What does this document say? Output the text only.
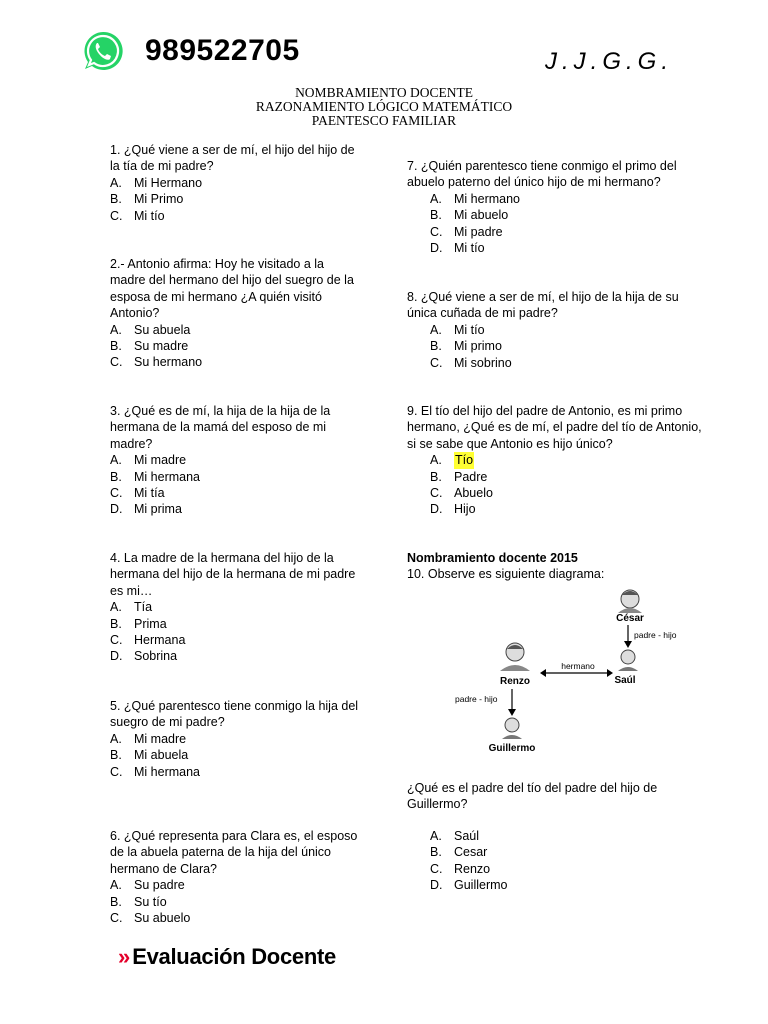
989522705	J.J.G.G.
NOMBRAMIENTO DOCENTE
RAZONAMIENTO LÓGICO MATEMÁTICO
PAENTESCO FAMILIAR

1. ¿Qué viene a ser de mí, el hijo del hijo de la tía de mi padre?

A. Mi Hermano
B. Mi Primo
C. Mi tío

2.- Antonio afirma: Hoy he visitado a la madre del hermano del hijo del suegro de la esposa de mi hermano ¿A quién visitó Antonio?

A. Su abuela
B. Su madre
C. Su hermano

3. ¿Qué es de mí, la hija de la hija de la hermana de la mamá del esposo de mi madre?

A. Mi madre
B. Mi hermana
C. Mi tía
D. Mi prima

4. La madre de la hermana del hijo de la hermana del hijo de la hermana de mi padre es mi…

A. Tía
B. Prima
C. Hermana
D. Sobrina

5. ¿Qué parentesco tiene conmigo la hija del suegro de mi padre?

A. Mi madre
B. Mi abuela
C. Mi hermana

6. ¿Qué representa para Clara es, el esposo de la abuela paterna de la hija del único hermano de Clara?

A. Su padre
B. Su tío
C. Su abuelo

7. ¿Quién parentesco tiene conmigo el primo del abuelo paterno del único hijo de mi hermano?

A. Mi hermano
B. Mi abuelo
C. Mi padre
D. Mi tío

8. ¿Qué viene a ser de mí, el hijo de la hija de su única cuñada de mi padre?

A. Mi tío
B. Mi primo
C. Mi sobrino

9. El tío del hijo del padre de Antonio, es mi primo hermano, ¿Qué es de mí, el padre del tío de Antonio, si se sabe que Antonio es hijo único?

A.	Tío
B. Padre
C. Abuelo
D. Hijo
Nombramiento docente 2015
10. Observe es siguiente diagrama:
César
padre - hijo
Saúl
hermano
Renzo
padre - hijo
Guillermo
¿Qué es el padre del tío del padre del hijo de Guillermo?
A. Saúl
B. Cesar
C. Renzo
D. Guillermo
» Evaluación Docente
